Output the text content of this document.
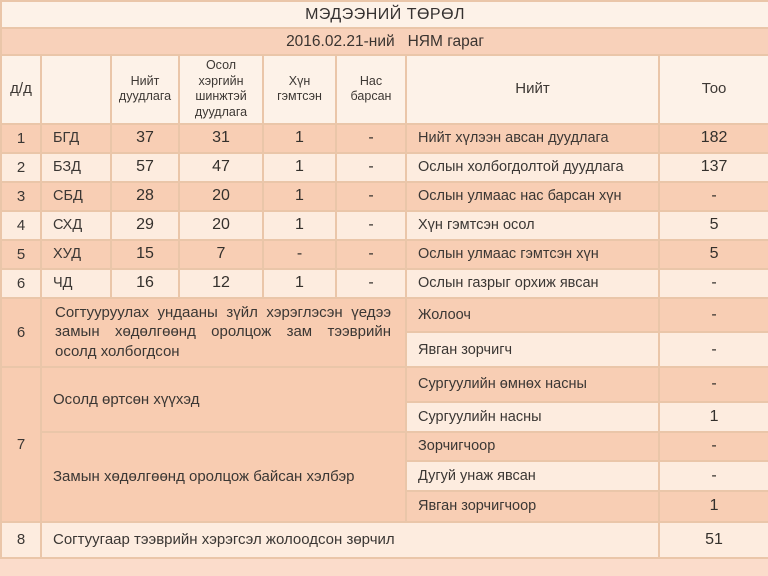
МЭДЭЭНИЙ ТӨРӨЛ							
2016.02.21-ний   НЯМ гараг							
д/д		Нийт дуудлага	Осол хэргийн шинжтэй дуудлага	Хүн гэмтсэн	Нас барсан	Нийт	Тоо
1	БГД	37	31	1	-	Нийт хүлээн авсан дуудлага	182
2	БЗД	57	47	1	-	Ослын холбогдолтой дуудлага	137
3	СБД	28	20	1	-	Ослын улмаас нас барсан хүн	-
4	СХД	29	20	1	-	Хүн гэмтсэн осол	5
5	ХУД	15	7	-	-	Ослын улмаас гэмтсэн хүн	5
6	ЧД	16	12	1	-	Ослын газрыг орхиж явсан	-
6	Согтууруулах ундааны зүйл хэрэглэсэн үедээ замын хөдөлгөөнд оролцож зам тээврийн осолд холбогдсон					Жолооч	-
						Явган зорчигч	-
7	Осолд өртсөн хүүхэд					Сургуулийн өмнөх насны	-
						Сургуулийн насны	1
	Замын хөдөлгөөнд оролцож байсан хэлбэр					Зорчигчоор	-
						Дугуй унаж явсан	-
						Явган зорчигчоор	1
8	Согтуугаар тээврийн хэрэгсэл жолоодсон зөрчил						51
